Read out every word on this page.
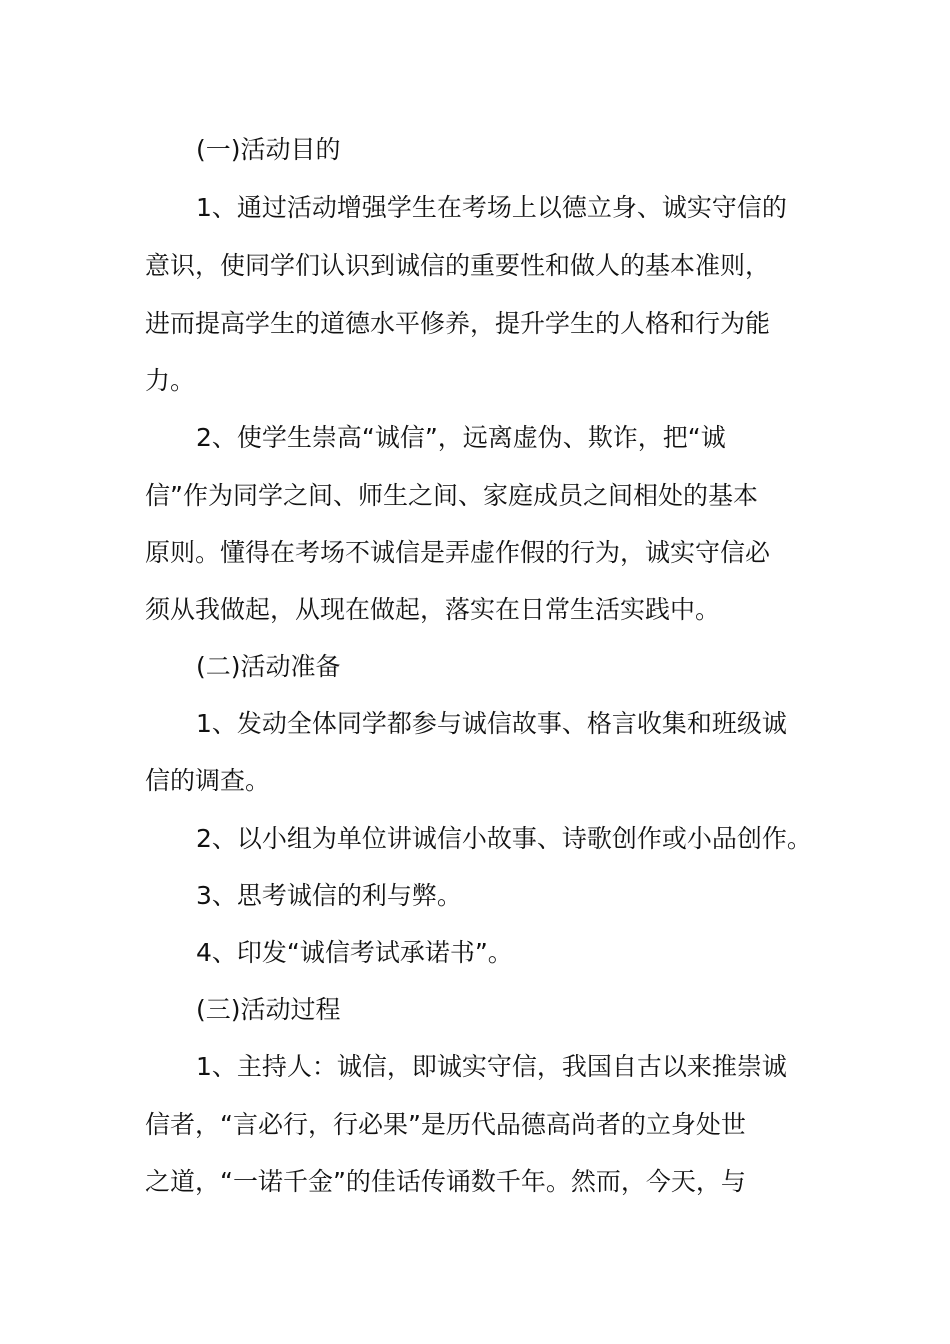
(一)活动目的
1、通过活动增强学生在考场上以德立身、诚实守信的
意识，使同学们认识到诚信的重要性和做人的基本准则，
进而提高学生的道德水平修养，提升学生的人格和行为能
力。
2、使学生崇高“诚信”，远离虚伪、欺诈，把“诚
信”作为同学之间、师生之间、家庭成员之间相处的基本
原则。懂得在考场不诚信是弄虚作假的行为，诚实守信必
须从我做起，从现在做起，落实在日常生活实践中。
(二)活动准备
1、发动全体同学都参与诚信故事、格言收集和班级诚
信的调查。
2、以小组为单位讲诚信小故事、诗歌创作或小品创作。
3、思考诚信的利与弊。
4、印发“诚信考试承诺书”。
(三)活动过程
1、主持人：诚信，即诚实守信，我国自古以来推崇诚
信者，“言必行，行必果”是历代品德高尚者的立身处世
之道，“一诺千金”的佳话传诵数千年。然而，今天，与
